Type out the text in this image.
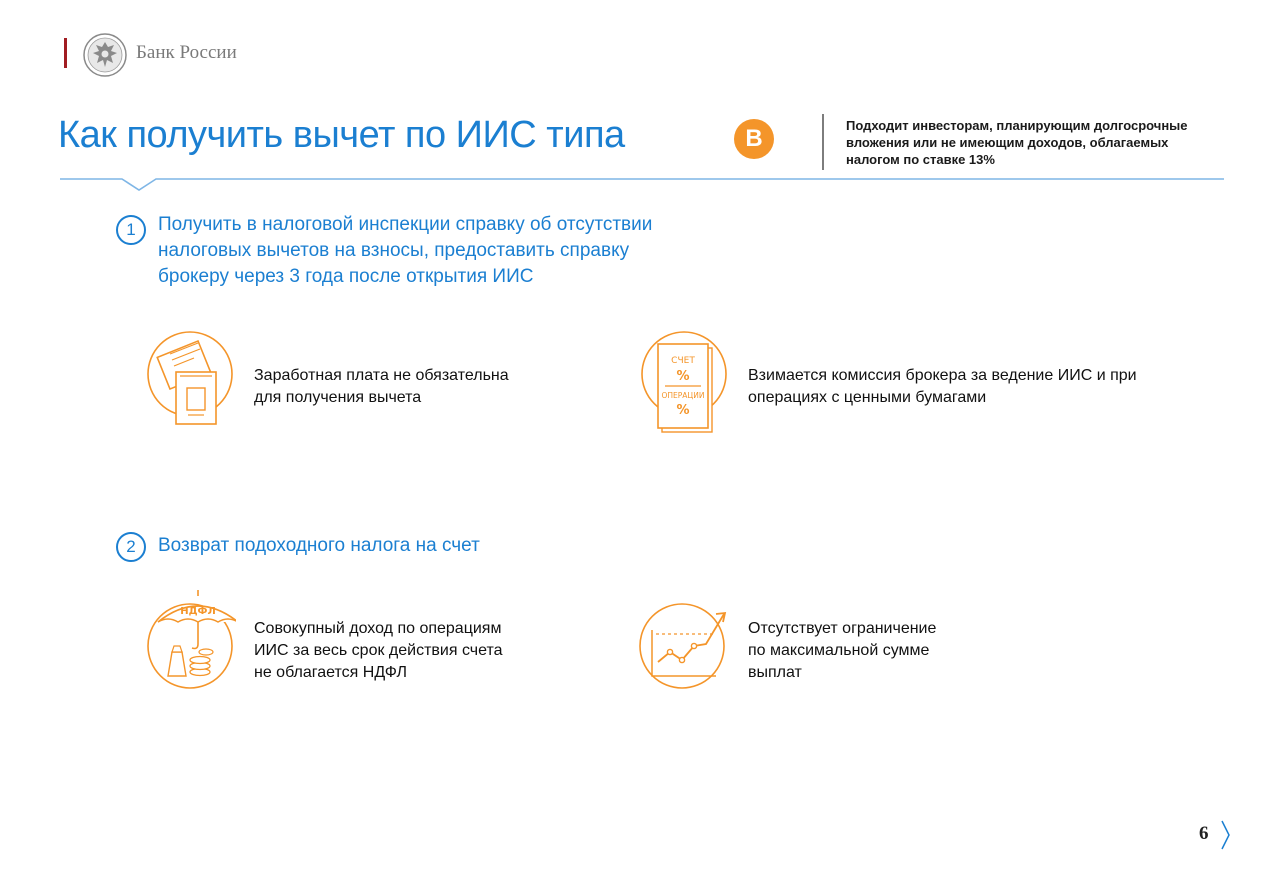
Банк России
Как получить вычет по ИИС типа	B	Подходит инвесторам, планирующим долгосрочные
вложения или не имеющим доходов, облагаемых
налогом по ставке 13%
1	Получить в налоговой инспекции справку об отсутствии
налоговых вычетов на взносы, предоставить справку
брокеру через 3 года после открытия ИИС
Заработная плата не обязательна
для получения вычета
СЧЕТ
%
ОПЕРАЦИИ
%
Взимается комиссия брокера за ведение ИИС и при
операциях с ценными бумагами
2	Возврат подоходного налога на счет
НДФЛ
Совокупный доход по операциям
ИИС за весь срок действия счета
не облагается НДФЛ
Отсутствует ограничение
по максимальной сумме
выплат
6
